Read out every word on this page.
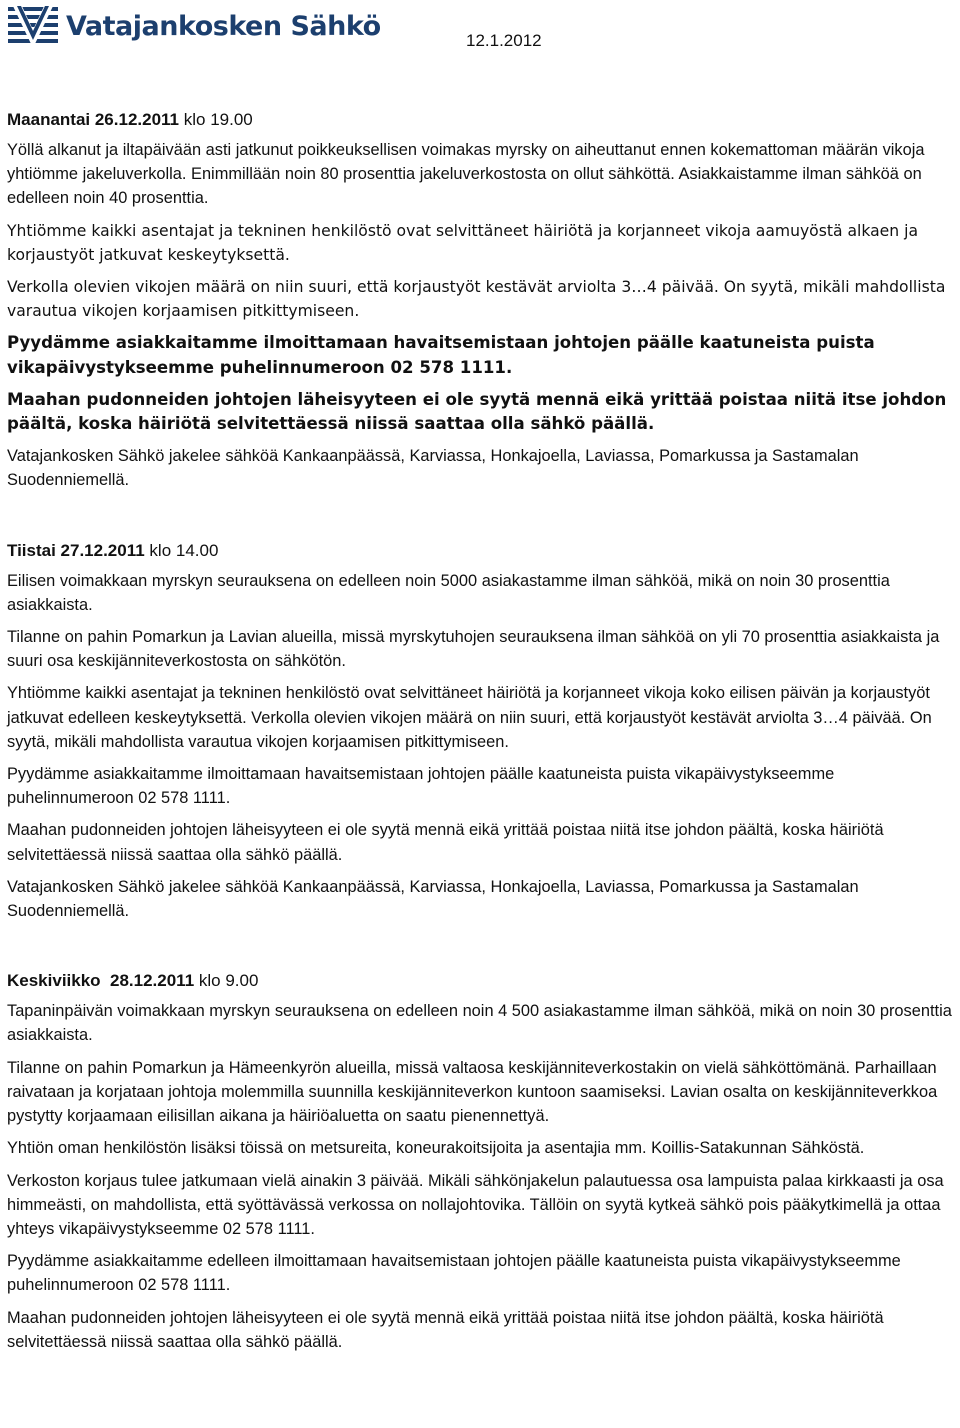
Vatajankosken Sähkö	12.1.2012
Maanantai 26.12.2011 klo 19.00

Yöllä alkanut ja iltapäivään asti jatkunut poikkeuksellisen voimakas myrsky on aiheuttanut ennen kokemattoman määrän vikoja yhtiömme jakeluverkolla. Enimmillään noin 80 prosenttia jakeluverkostosta on ollut sähköttä. Asiakkaistamme ilman sähköä on edelleen noin 40 prosenttia.

Yhtiömme kaikki asentajat ja tekninen henkilöstö ovat selvittäneet häiriötä ja korjanneet vikoja aamuyöstä alkaen ja korjaustyöt jatkuvat keskeytyksettä.

Verkolla olevien vikojen määrä on niin suuri, että korjaustyöt kestävät arviolta 3…4 päivää. On syytä, mikäli mahdollista varautua vikojen korjaamisen pitkittymiseen.

Pyydämme asiakkaitamme ilmoittamaan havaitsemistaan johtojen päälle kaatuneista puista vikapäivystykseemme puhelinnumeroon 02 578 1111.

Maahan pudonneiden johtojen läheisyyteen ei ole syytä mennä eikä yrittää poistaa niitä itse johdon päältä, koska häiriötä selvitettäessä niissä saattaa olla sähkö päällä.

Vatajankosken Sähkö jakelee sähköä Kankaanpäässä, Karviassa, Honkajoella, Laviassa, Pomarkussa ja Sastamalan Suodenniemellä.

Tiistai 27.12.2011 klo 14.00

Eilisen voimakkaan myrskyn seurauksena on edelleen noin 5000 asiakastamme ilman sähköä, mikä on noin 30 prosenttia asiakkaista.

Tilanne on pahin Pomarkun ja Lavian alueilla, missä myrskytuhojen seurauksena ilman sähköä on yli 70 prosenttia asiakkaista ja suuri osa keskijänniteverkostosta on sähkötön.

Yhtiömme kaikki asentajat ja tekninen henkilöstö ovat selvittäneet häiriötä ja korjanneet vikoja koko eilisen päivän ja korjaustyöt jatkuvat edelleen keskeytyksettä. Verkolla olevien vikojen määrä on niin suuri, että korjaustyöt kestävät arviolta 3…4 päivää. On syytä, mikäli mahdollista varautua vikojen korjaamisen pitkittymiseen.

Pyydämme asiakkaitamme ilmoittamaan havaitsemistaan johtojen päälle kaatuneista puista vikapäivystykseemme puhelinnumeroon 02 578 1111.

Maahan pudonneiden johtojen läheisyyteen ei ole syytä mennä eikä yrittää poistaa niitä itse johdon päältä, koska häiriötä selvitettäessä niissä saattaa olla sähkö päällä.

Vatajankosken Sähkö jakelee sähköä Kankaanpäässä, Karviassa, Honkajoella, Laviassa, Pomarkussa ja Sastamalan Suodenniemellä.

Keskiviikko  28.12.2011 klo 9.00

Tapaninpäivän voimakkaan myrskyn seurauksena on edelleen noin 4 500 asiakastamme ilman sähköä, mikä on noin 30 prosenttia asiakkaista.

Tilanne on pahin Pomarkun ja Hämeenkyrön alueilla, missä valtaosa keskijänniteverkostakin on vielä sähköttömänä. Parhaillaan raivataan ja korjataan johtoja molemmilla suunnilla keskijänniteverkon kuntoon saamiseksi. Lavian osalta on keskijänniteverkkoa pystytty korjaamaan eilisillan aikana ja häiriöaluetta on saatu pienennettyä.

Yhtiön oman henkilöstön lisäksi töissä on metsureita, koneurakoitsijoita ja asentajia mm. Koillis-Satakunnan Sähköstä.

Verkoston korjaus tulee jatkumaan vielä ainakin 3 päivää. Mikäli sähkönjakelun palautuessa osa lampuista palaa kirkkaasti ja osa himmeästi, on mahdollista, että syöttävässä verkossa on nollajohtovika. Tällöin on syytä kytkeä sähkö pois pääkytkimellä ja ottaa yhteys vikapäivystykseemme 02 578 1111.

Pyydämme asiakkaitamme edelleen ilmoittamaan havaitsemistaan johtojen päälle kaatuneista puista vikapäivystykseemme puhelinnumeroon 02 578 1111.

Maahan pudonneiden johtojen läheisyyteen ei ole syytä mennä eikä yrittää poistaa niitä itse johdon päältä, koska häiriötä selvitettäessä niissä saattaa olla sähkö päällä.
